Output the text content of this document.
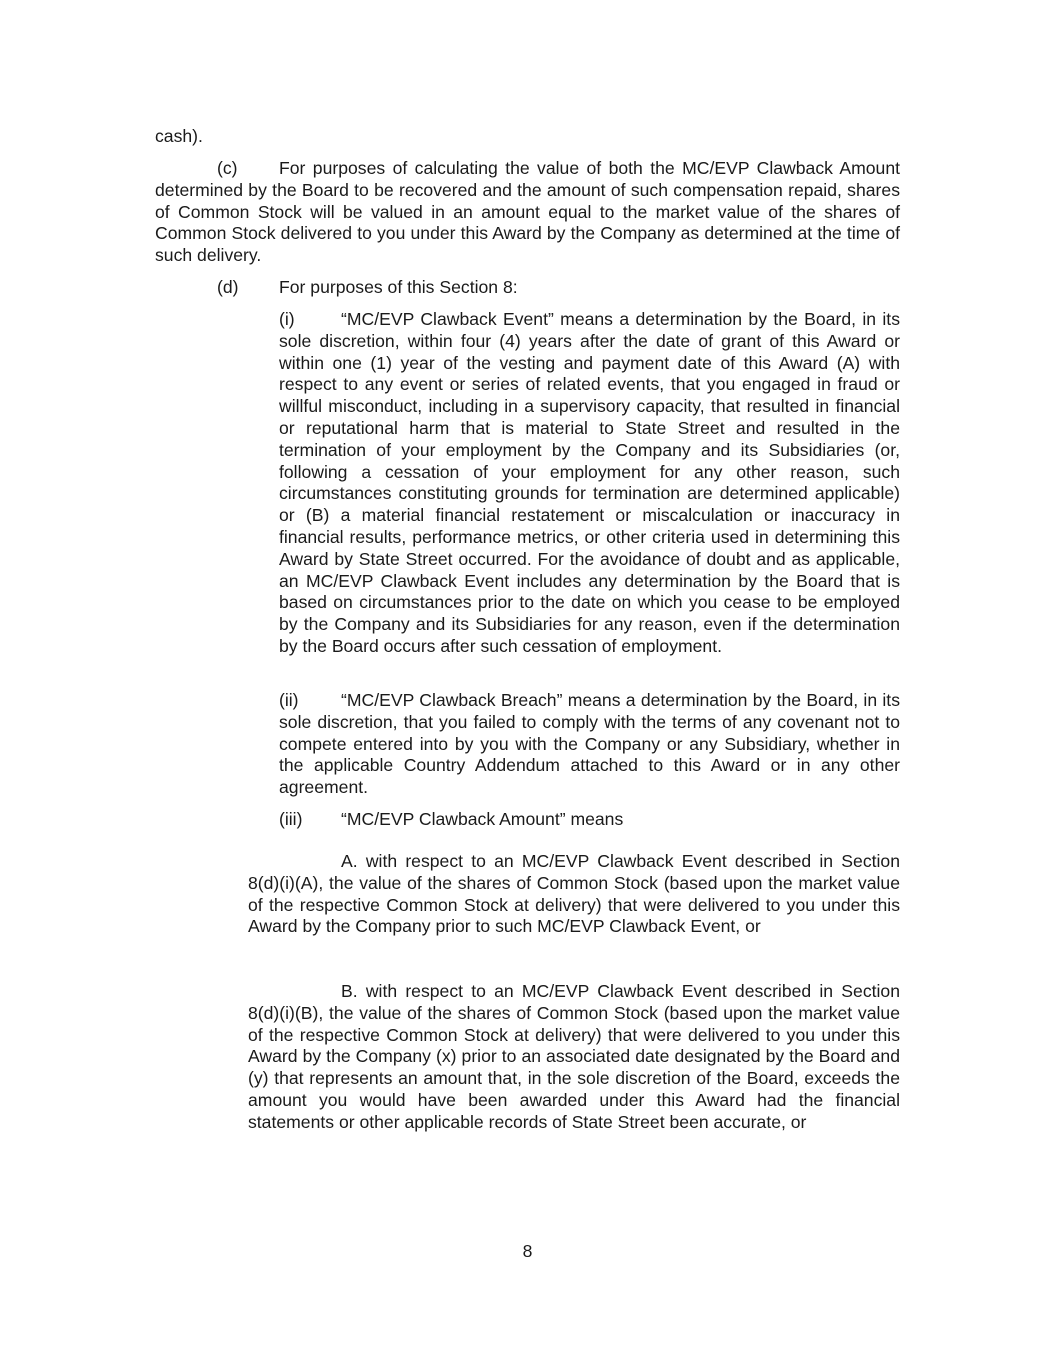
cash).

(c) For purposes of calculating the value of both the MC/EVP Clawback Amount determined by the Board to be recovered and the amount of such compensation repaid, shares of Common Stock will be valued in an amount equal to the market value of the shares of Common Stock delivered to you under this Award by the Company as determined at the time of such delivery.

(d) For purposes of this Section 8:

(i)	“MC/EVP Clawback Event” means a determination by the Board, in its sole discretion, within four (4) years after the date of grant of this Award or within one (1) year of the vesting and payment date of this Award (A) with respect to any event or series of related events, that you engaged in fraud or willful misconduct, including in a supervisory capacity, that resulted in financial or reputational harm that is material to State Street and resulted in the termination of your employment by the Company and its Subsidiaries (or, following a cessation of your employment for any other reason, such circumstances constituting grounds for termination are determined applicable) or (B) a material financial restatement or miscalculation or inaccuracy in financial results, performance metrics, or other criteria used in determining this Award by State Street occurred. For the avoidance of doubt and as applicable, an MC/EVP Clawback Event includes any determination by the Board that is based on circumstances prior to the date on which you cease to be employed by the Company and its Subsidiaries for any reason, even if the determination by the Board occurs after such cessation of employment.

(ii) “MC/EVP Clawback Breach” means a determination by the Board, in its sole discretion, that you failed to comply with the terms of any covenant not to compete entered into by you with the Company or any Subsidiary, whether in the applicable Country Addendum attached to this Award or in any other agreement.

(iii) “MC/EVP Clawback Amount” means

A. with respect to an MC/EVP Clawback Event described in Section 8(d)(i)(A), the value of the shares of Common Stock (based upon the market value of the respective Common Stock at delivery) that were delivered to you under this Award by the Company prior to such MC/EVP Clawback Event, or

B. with respect to an MC/EVP Clawback Event described in Section 8(d)(i)(B), the value of the shares of Common Stock (based upon the market value of the respective Common Stock at delivery) that were delivered to you under this Award by the Company (x) prior to an associated date designated by the Board and (y) that represents an amount that, in the sole discretion of the Board, exceeds the amount you would have been awarded under this Award had the financial statements or other applicable records of State Street been accurate, or

8
